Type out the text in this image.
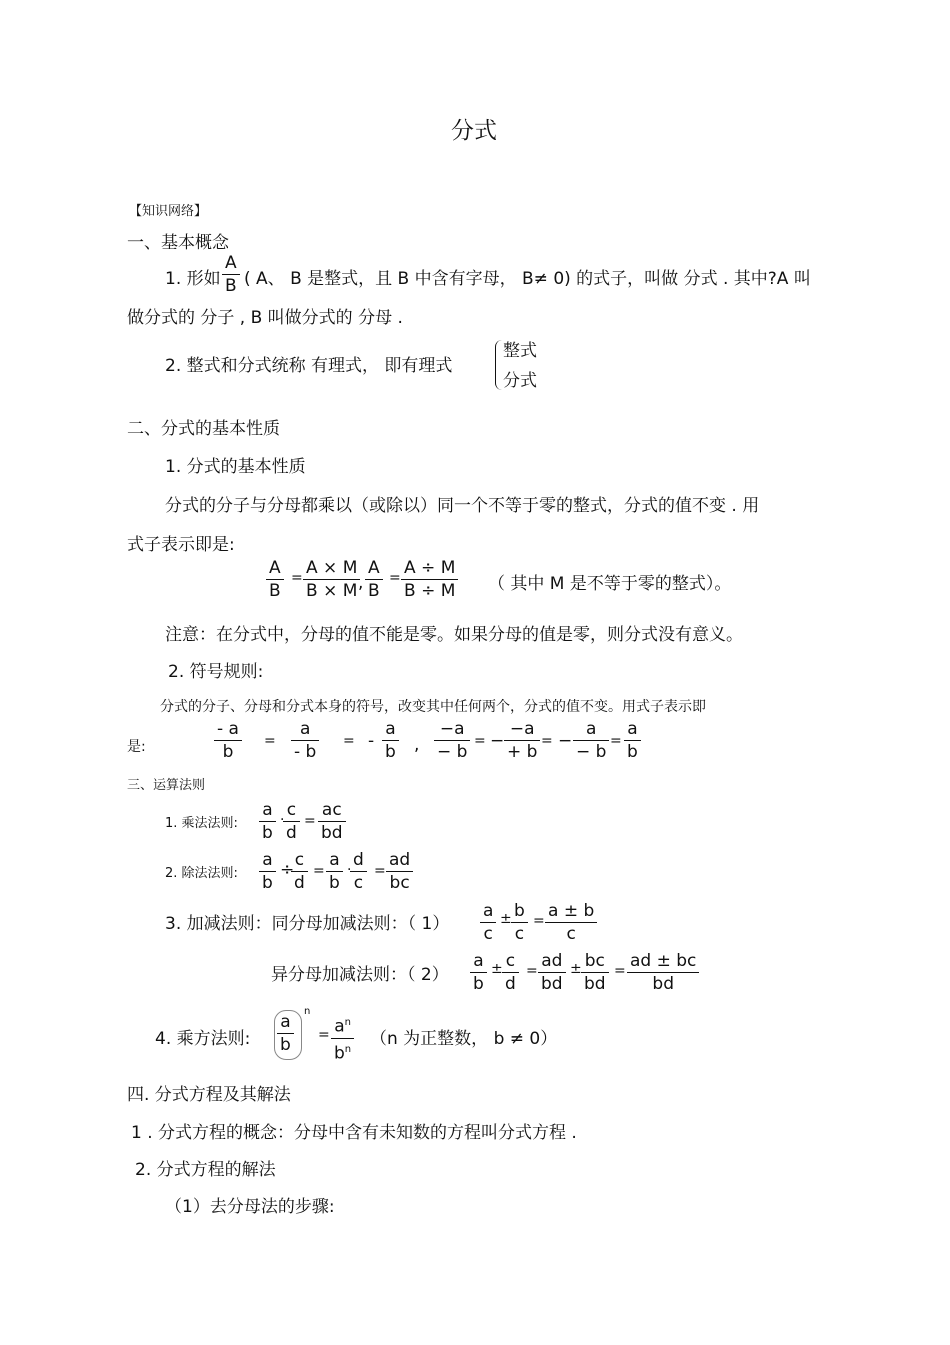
分式
【知识网络】
一、基本概念
1. 形如 $\frac{A}{B}$ ( A、 B 是整式，且 B 中含有字母， B≠ 0) 的式子，叫做 分式 . 其中?A 叫
做分式的 分子 , B 叫做分式的 分母 .
2. 整式和分式统称 有理式， 即有理式
整式
分式
二、分式的基本性质
1. 分式的基本性质
分式的分子与分母都乘以（或除以）同一个不等于零的整式，分式的值不变 . 用
式子表示即是:
$\frac{A}{B} = \frac{A \times M}{B \times M}$
, $\frac{A}{B} = \frac{A \div M}{B \div M}$ （ 其中 M 是不等于零的整式）。
注意：在分式中，分母的值不能是零。如果分母的值是零，则分式没有意义。
2. 符号规则:
分式的分子、分母和分式本身的符号，改变其中任何两个，分式的值不变。用式子表示即
是:	$\frac{- a}{b} = \frac{a}{- b}$ = - $\frac{a}{b}$ , $\frac{-a}{- b}$ = − $\frac{-a}{+ b}$ = − $\frac{a}{- b} = \frac{a}{b}$
三、运算法则
1. 乘法法则: $\frac{a}{b}$ ·
$\frac{c}{d} = \frac{ac}{bd}$
2. 除法法则: $\frac{a}{b}$ ÷
$\frac{c}{d} = \frac{a}{b}$ ·
$\frac{d}{c} = \frac{ad}{bc}$
3. 加减法则：同分母加减法则：（ $1) \frac{a}{c} \pm \frac{b}{c} = \frac{a \pm b}{c}$
异分母加减法则：（ $2) \frac{a}{b} \pm \frac{c}{d} = \frac{ad}{bd} \pm \frac{bc}{bd} = \frac{ad \pm bc}{bd}$
4. 乘方法则: $\frac{a}{b}$ n
= $\frac{a^n}{b^n} (n$ 为正整数， b ≠ 0）
四. 分式方程及其解法
1 . 分式方程的概念：分母中含有未知数的方程叫分式方程 .
2. 分式方程的解法
（1）去分母法的步骤:
